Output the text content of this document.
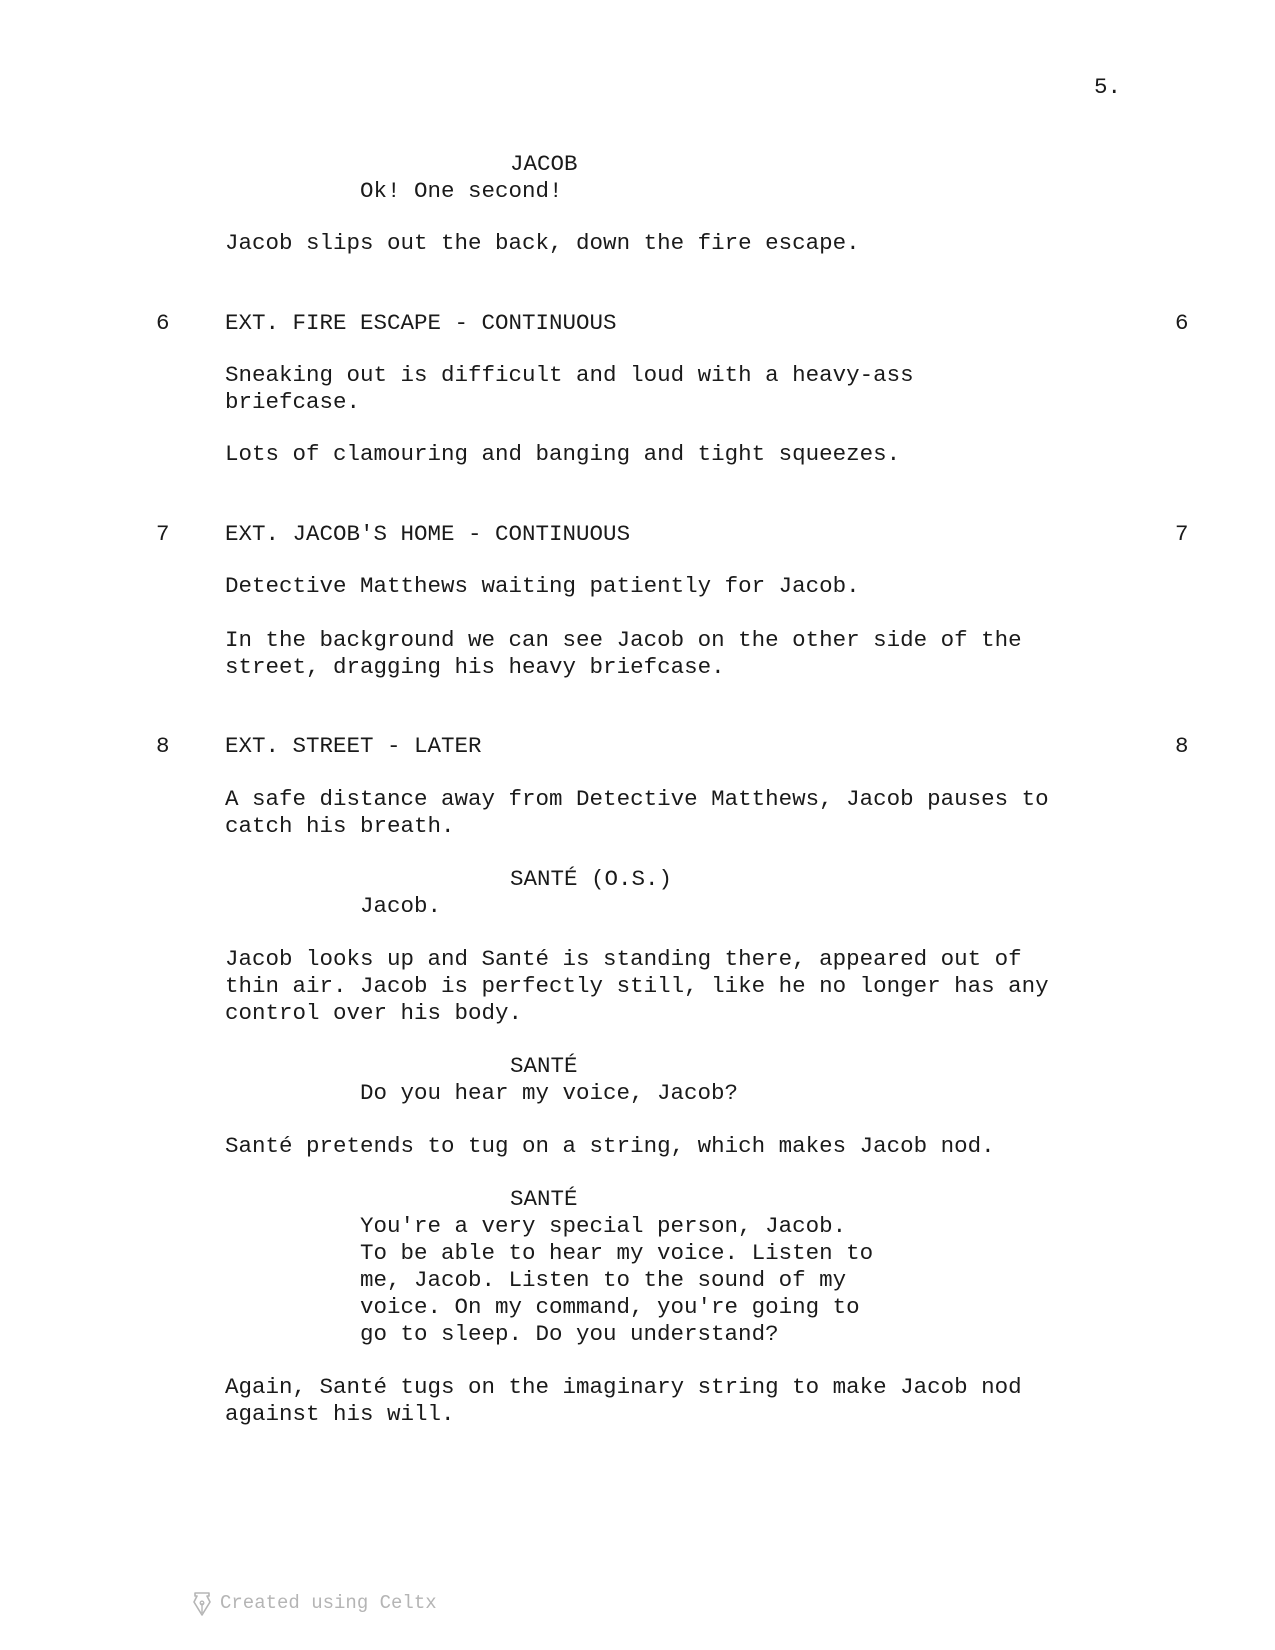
5.
JACOB
Ok! One second!
Jacob slips out the back, down the fire escape.
6 EXT. FIRE ESCAPE - CONTINUOUS	6
Sneaking out is difficult and loud with a heavy-ass
briefcase.
Lots of clamouring and banging and tight squeezes.
7 EXT. JACOB'S HOME - CONTINUOUS	7
Detective Matthews waiting patiently for Jacob.
In the background we can see Jacob on the other side of the
street, dragging his heavy briefcase.
8 EXT. STREET - LATER	8
A safe distance away from Detective Matthews, Jacob pauses to
catch his breath.
SANTÉ (O.S.)
Jacob.
Jacob looks up and Santé is standing there, appeared out of
thin air. Jacob is perfectly still, like he no longer has any
control over his body.
SANTÉ
Do you hear my voice, Jacob?
Santé pretends to tug on a string, which makes Jacob nod.
SANTÉ
You're a very special person, Jacob.
To be able to hear my voice. Listen to
me, Jacob. Listen to the sound of my
voice. On my command, you're going to
go to sleep. Do you understand?
Again, Santé tugs on the imaginary string to make Jacob nod
against his will.
Created using Celtx
